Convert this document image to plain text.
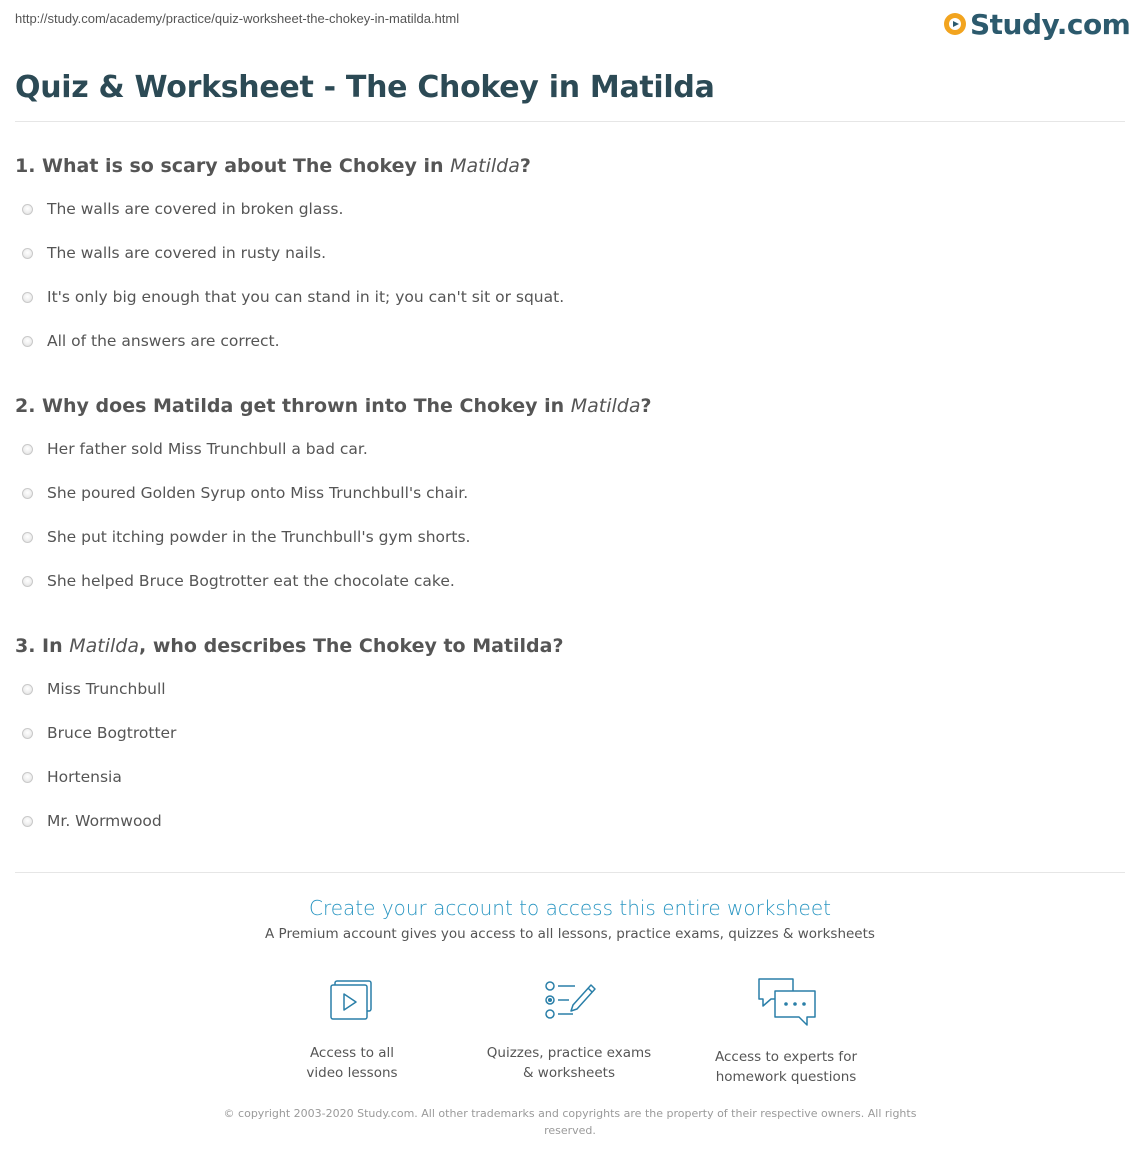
http://study.com/academy/practice/quiz-worksheet-the-chokey-in-matilda.html	Study.com
Quiz & Worksheet - The Chokey in Matilda
1. What is so scary about The Chokey in Matilda?
The walls are covered in broken glass.
The walls are covered in rusty nails.
It's only big enough that you can stand in it; you can't sit or squat.
All of the answers are correct.
2. Why does Matilda get thrown into The Chokey in Matilda?
Her father sold Miss Trunchbull a bad car.
She poured Golden Syrup onto Miss Trunchbull's chair.
She put itching powder in the Trunchbull's gym shorts.
She helped Bruce Bogtrotter eat the chocolate cake.
3. In Matilda, who describes The Chokey to Matilda?
Miss Trunchbull
Bruce Bogtrotter
Hortensia
Mr. Wormwood
Create your account to access this entire worksheet
A Premium account gives you access to all lessons, practice exams, quizzes & worksheets
Access to all
video lessons
Quizzes, practice exams
& worksheets
Access to experts for
homework questions
© copyright 2003-2020 Study.com. All other trademarks and copyrights are the property of their respective owners. All rights
reserved.
